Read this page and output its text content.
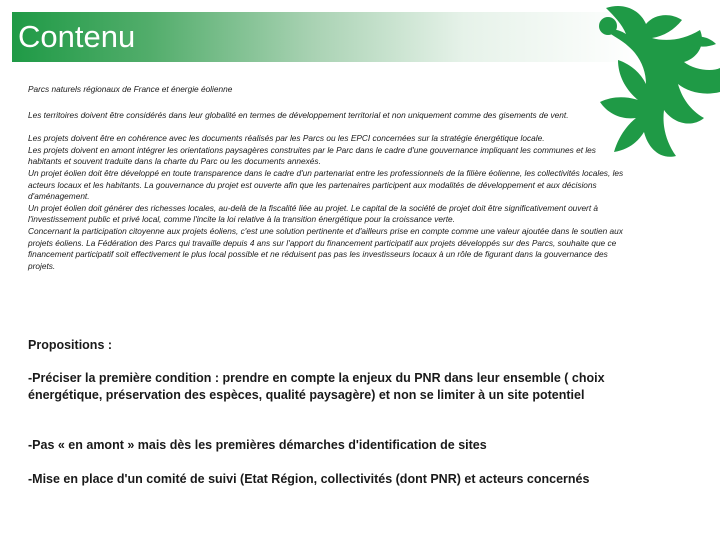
Contenu

Parcs naturels régionaux de France et énergie éolienne

Les territoires doivent être considérés dans leur globalité en termes de développement territorial et non uniquement comme des gisements de vent.

Les projets doivent être en cohérence avec les documents réalisés par les Parcs ou les EPCI concernées sur la stratégie énergétique locale.

Les projets doivent en amont intégrer les orientations paysagères construites par le Parc dans le cadre d'une gouvernance impliquant les communes et les habitants et souvent traduite dans la charte du Parc ou les documents annexés.

Un projet éolien doit être développé en toute transparence dans le cadre d'un partenariat entre les professionnels de la filière éolienne, les collectivités locales, les acteurs locaux et les habitants. La gouvernance du projet est ouverte afin que les partenaires participent aux modalités de développement et aux décisions d'aménagement.

Un projet éolien doit générer des richesses locales, au-delà de la fiscalité liée au projet. Le capital de la société de projet doit être significativement ouvert à l'investissement public et privé local, comme l'incite la loi relative à la transition énergétique pour la croissance verte.

Concernant la participation citoyenne aux projets éoliens, c'est une solution pertinente et d'ailleurs prise en compte comme une valeur ajoutée dans le soutien aux projets éoliens. La Fédération des Parcs qui travaille depuis 4 ans sur l'apport du financement participatif aux projets développés sur des Parcs, souhaite que ce financement participatif soit effectivement le plus local possible et ne réduisent pas pas les investisseurs locaux à un rôle de figurant dans la gouvernance des projets.

Propositions :

-Préciser la première condition : prendre en compte la enjeux du PNR dans leur ensemble ( choix énergétique, préservation des espèces, qualité paysagère) et non se limiter à un site potentiel
-Pas « en amont » mais dès les premières démarches d'identification de sites
-Mise en place d'un comité de suivi (Etat Région, collectivités (dont PNR) et acteurs concernés
